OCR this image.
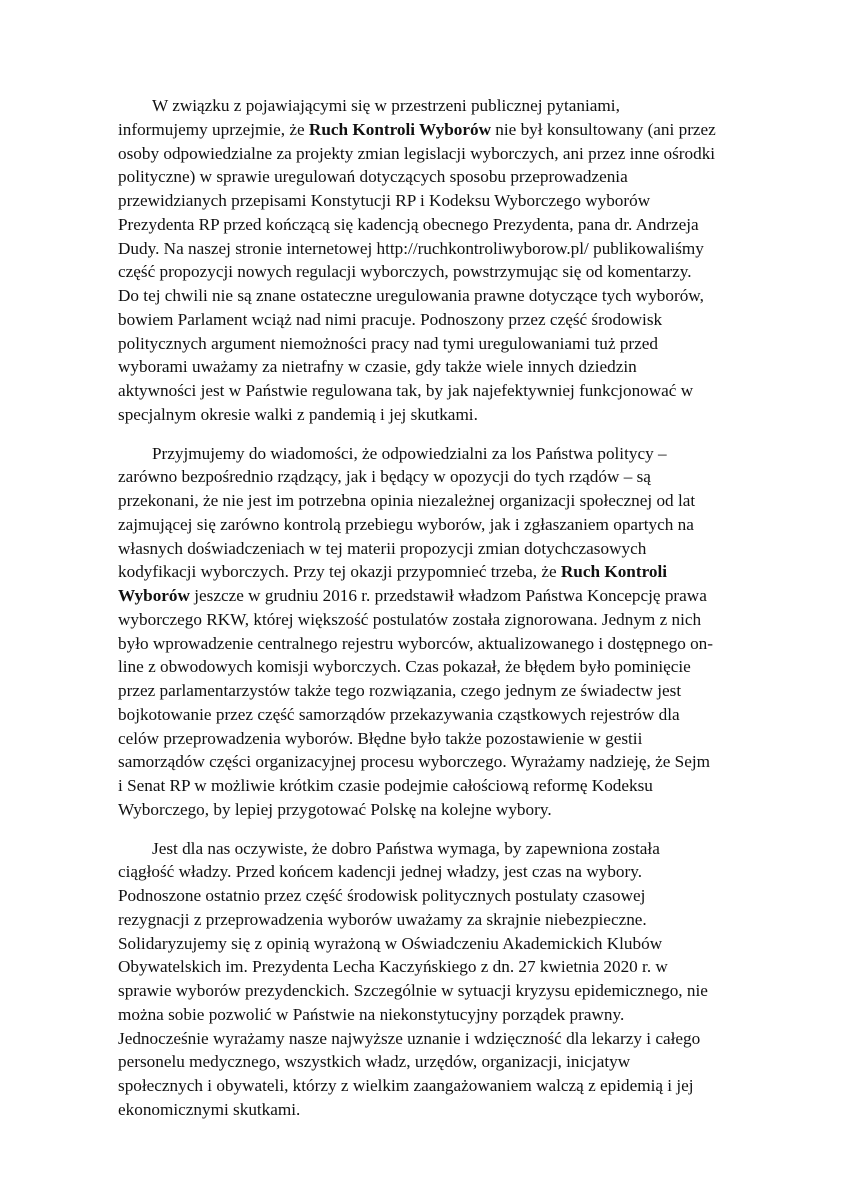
W związku z pojawiającymi się w przestrzeni publicznej pytaniami,
informujemy uprzejmie, że Ruch Kontroli Wyborów nie był konsultowany (ani przez
osoby odpowiedzialne za projekty zmian legislacji wyborczych, ani przez inne ośrodki
polityczne) w sprawie uregulowań dotyczących sposobu przeprowadzenia
przewidzianych przepisami Konstytucji RP i Kodeksu Wyborczego wyborów
Prezydenta RP przed kończącą się kadencją obecnego Prezydenta, pana dr. Andrzeja
Dudy. Na naszej stronie internetowej http://ruchkontroliwyborow.pl/ publikowaliśmy
część propozycji nowych regulacji wyborczych, powstrzymując się od komentarzy.
Do tej chwili nie są znane ostateczne uregulowania prawne dotyczące tych wyborów,
bowiem Parlament wciąż nad nimi pracuje. Podnoszony przez część środowisk
politycznych argument niemożności pracy nad tymi uregulowaniami tuż przed
wyborami uważamy za nietrafny w czasie, gdy także wiele innych dziedzin
aktywności jest w Państwie regulowana tak, by jak najefektywniej funkcjonować w
specjalnym okresie walki z pandemią i jej skutkami.
Przyjmujemy do wiadomości, że odpowiedzialni za los Państwa politycy –
zarówno bezpośrednio rządzący, jak i będący w opozycji do tych rządów – są
przekonani, że nie jest im potrzebna opinia niezależnej organizacji społecznej od lat
zajmującej się zarówno kontrolą przebiegu wyborów, jak i zgłaszaniem opartych na
własnych doświadczeniach w tej materii propozycji zmian dotychczasowych
kodyfikacji wyborczych. Przy tej okazji przypomnieć trzeba, że Ruch Kontroli
Wyborów jeszcze w grudniu 2016 r. przedstawił władzom Państwa Koncepcję prawa
wyborczego RKW, której większość postulatów została zignorowana. Jednym z nich
było wprowadzenie centralnego rejestru wyborców, aktualizowanego i dostępnego on-
line z obwodowych komisji wyborczych. Czas pokazał, że błędem było pominięcie
przez parlamentarzystów także tego rozwiązania, czego jednym ze świadectw jest
bojkotowanie przez część samorządów przekazywania cząstkowych rejestrów dla
celów przeprowadzenia wyborów. Błędne było także pozostawienie w gestii
samorządów części organizacyjnej procesu wyborczego. Wyrażamy nadzieję, że Sejm
i Senat RP w możliwie krótkim czasie podejmie całościową reformę Kodeksu
Wyborczego, by lepiej przygotować Polskę na kolejne wybory.
Jest dla nas oczywiste, że dobro Państwa wymaga, by zapewniona została
ciągłość władzy. Przed końcem kadencji jednej władzy, jest czas na wybory.
Podnoszone ostatnio przez część środowisk politycznych postulaty czasowej
rezygnacji z przeprowadzenia wyborów uważamy za skrajnie niebezpieczne.
Solidaryzujemy się z opinią wyrażoną w Oświadczeniu Akademickich Klubów
Obywatelskich im. Prezydenta Lecha Kaczyńskiego z dn. 27 kwietnia 2020 r. w
sprawie wyborów prezydenckich. Szczególnie w sytuacji kryzysu epidemicznego, nie
można sobie pozwolić w Państwie na niekonstytucyjny porządek prawny.
Jednocześnie wyrażamy nasze najwyższe uznanie i wdzięczność dla lekarzy i całego
personelu medycznego, wszystkich władz, urzędów, organizacji, inicjatyw
społecznych i obywateli, którzy z wielkim zaangażowaniem walczą z epidemią i jej
ekonomicznymi skutkami.
